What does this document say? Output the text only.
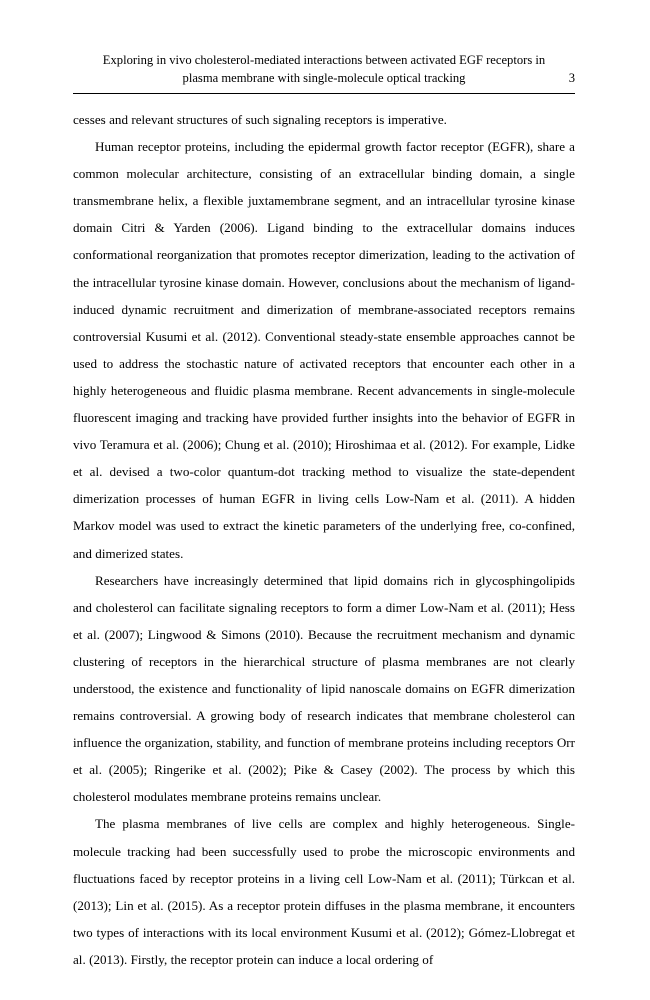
Exploring in vivo cholesterol-mediated interactions between activated EGF receptors in
plasma membrane with single-molecule optical tracking	3

cesses and relevant structures of such signaling receptors is imperative.

Human receptor proteins, including the epidermal growth factor receptor (EGFR), share a common molecular architecture, consisting of an extracellular binding domain, a single transmembrane helix, a flexible juxtamembrane segment, and an intracellular tyrosine kinase domain Citri & Yarden (2006). Ligand binding to the extracellular domains induces conformational reorganization that promotes receptor dimerization, leading to the activation of the intracellular tyrosine kinase domain. However, conclusions about the mechanism of ligand-induced dynamic recruitment and dimerization of membrane-associated receptors remains controversial Kusumi et al. (2012). Conventional steady-state ensemble approaches cannot be used to address the stochastic nature of activated receptors that encounter each other in a highly heterogeneous and fluidic plasma membrane. Recent advancements in single-molecule fluorescent imaging and tracking have provided further insights into the behavior of EGFR in vivo Teramura et al. (2006); Chung et al. (2010); Hiroshimaa et al. (2012). For example, Lidke et al. devised a two-color quantum-dot tracking method to visualize the state-dependent dimerization processes of human EGFR in living cells Low-Nam et al. (2011). A hidden Markov model was used to extract the kinetic parameters of the underlying free, co-confined, and dimerized states.

Researchers have increasingly determined that lipid domains rich in glycosphingolipids and cholesterol can facilitate signaling receptors to form a dimer Low-Nam et al. (2011); Hess et al. (2007); Lingwood & Simons (2010). Because the recruitment mechanism and dynamic clustering of receptors in the hierarchical structure of plasma membranes are not clearly understood, the existence and functionality of lipid nanoscale domains on EGFR dimerization remains controversial. A growing body of research indicates that membrane cholesterol can influence the organization, stability, and function of membrane proteins including receptors Orr et al. (2005); Ringerike et al. (2002); Pike & Casey (2002). The process by which this cholesterol modulates membrane proteins remains unclear.

The plasma membranes of live cells are complex and highly heterogeneous. Single-molecule tracking had been successfully used to probe the microscopic environments and fluctuations faced by receptor proteins in a living cell Low-Nam et al. (2011); Türkcan et al. (2013); Lin et al. (2015). As a receptor protein diffuses in the plasma membrane, it encounters two types of interactions with its local environment Kusumi et al. (2012); Gómez-Llobregat et al. (2013). Firstly, the receptor protein can induce a local ordering of
